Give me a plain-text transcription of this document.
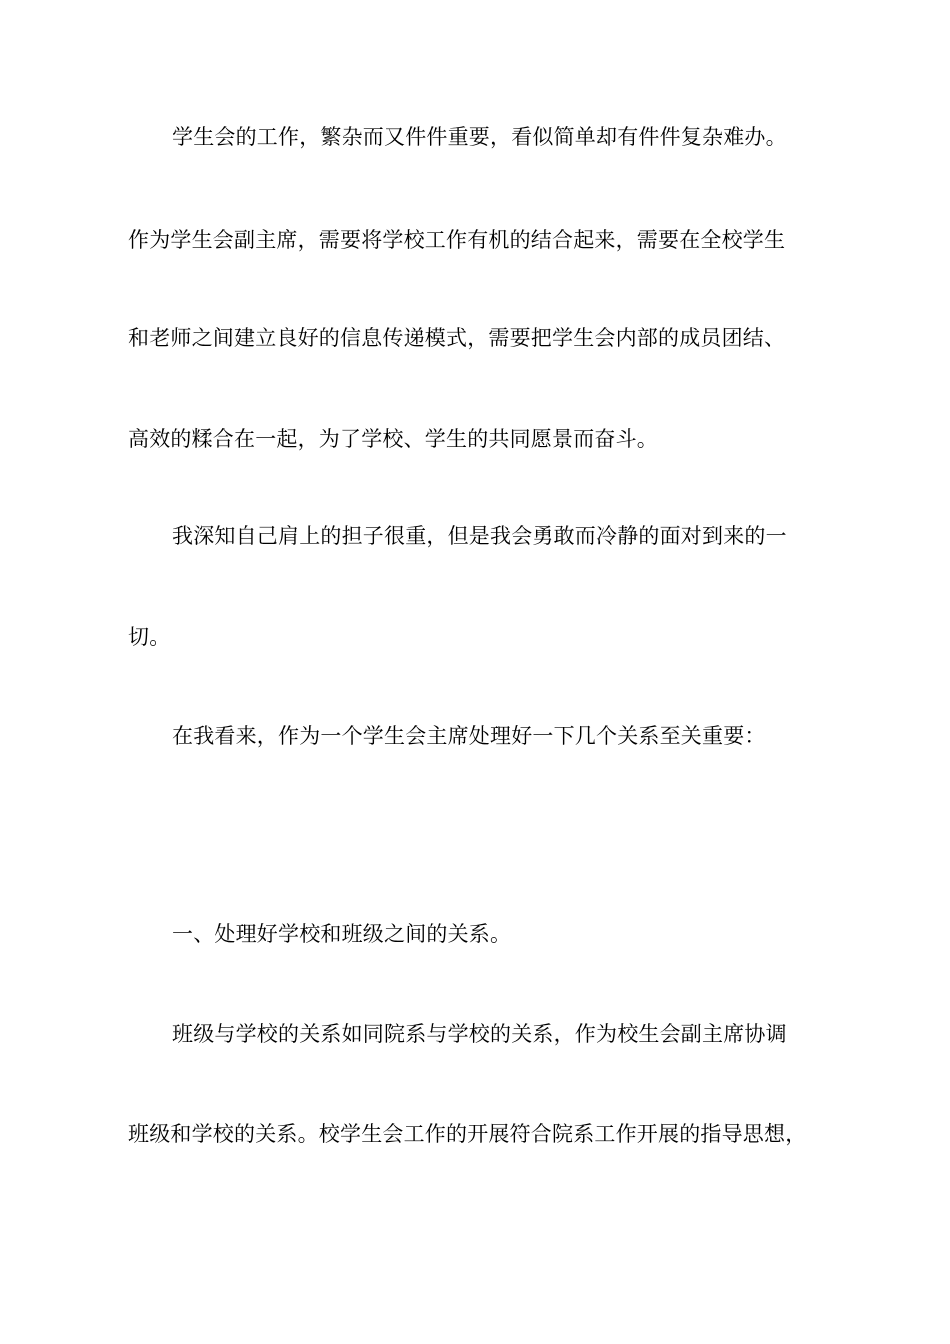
学生会的工作，繁杂而又件件重要，看似简单却有件件复杂难办。
作为学生会副主席，需要将学校工作有机的结合起来，需要在全校学生
和老师之间建立良好的信息传递模式，需要把学生会内部的成员团结、
高效的糅合在一起，为了学校、学生的共同愿景而奋斗。
我深知自己肩上的担子很重，但是我会勇敢而冷静的面对到来的一
切。
在我看来，作为一个学生会主席处理好一下几个关系至关重要：
一、处理好学校和班级之间的关系。
班级与学校的关系如同院系与学校的关系，作为校生会副主席协调
班级和学校的关系。校学生会工作的开展符合院系工作开展的指导思想，
